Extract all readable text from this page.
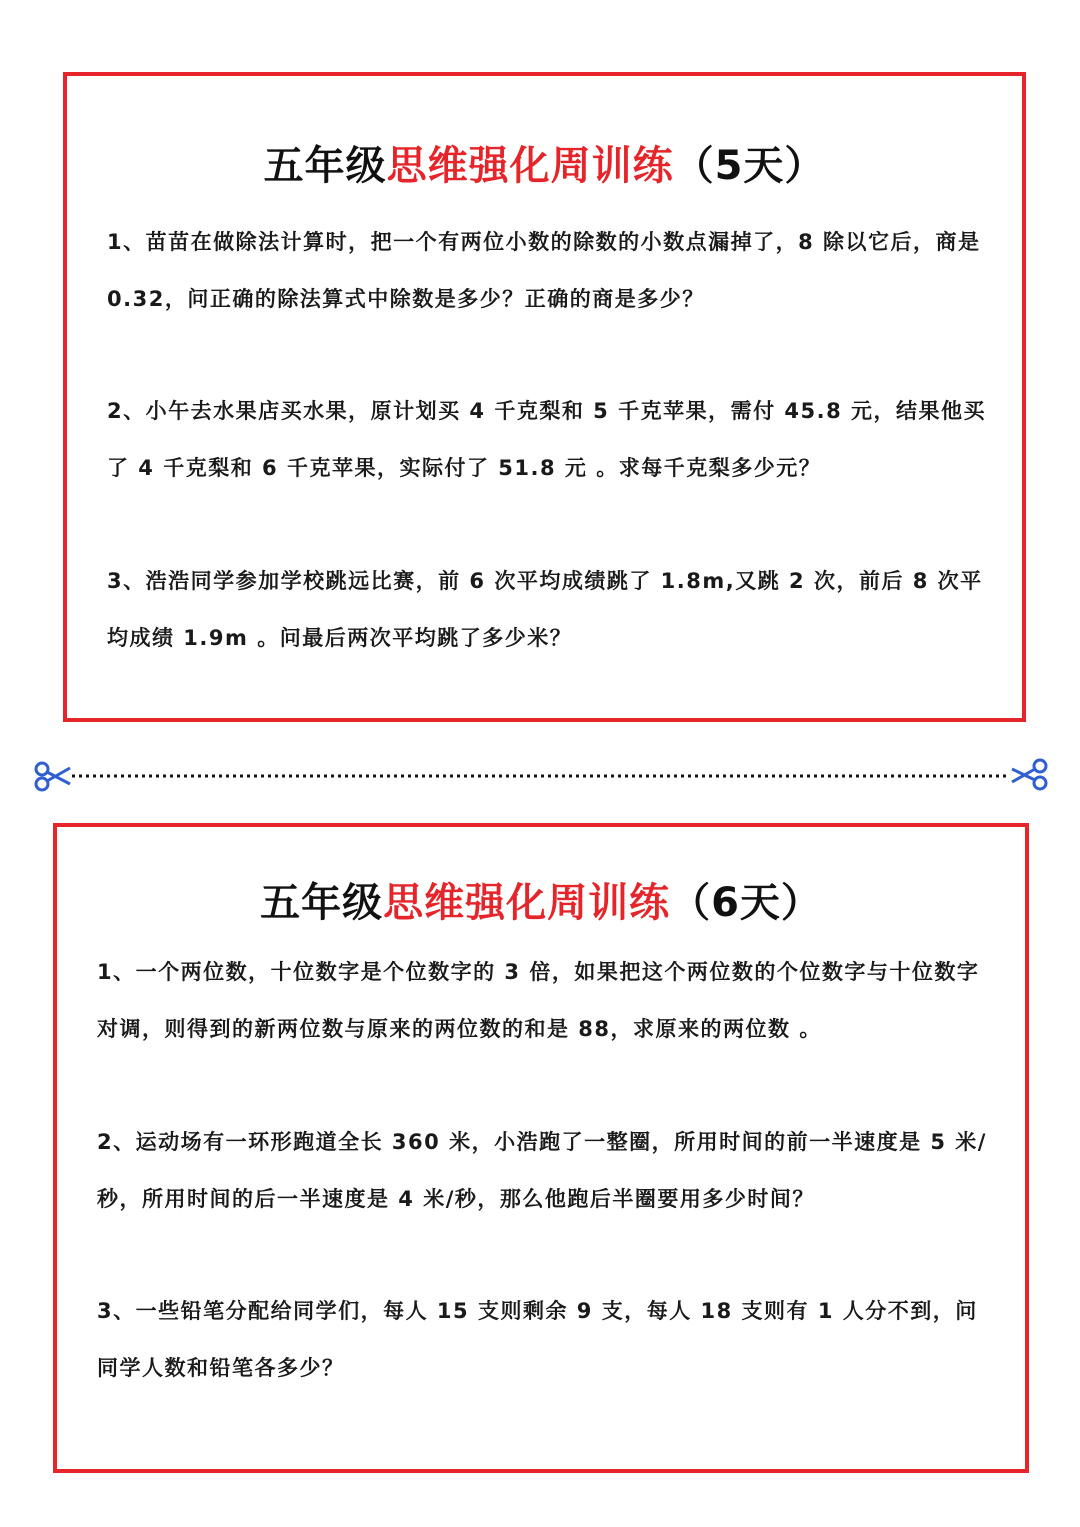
五年级思维强化周训练（5天）
1、苗苗在做除法计算时，把一个有两位小数的除数的小数点漏掉了，8 除以它后，商是 0.32，问正确的除法算式中除数是多少？正确的商是多少？
2、小午去水果店买水果，原计划买 4 千克梨和 5 千克苹果，需付 45.8 元，结果他买了 4 千克梨和 6 千克苹果，实际付了 51.8 元 。求每千克梨多少元？
3、浩浩同学参加学校跳远比赛，前 6 次平均成绩跳了 1.8m,又跳 2 次，前后 8 次平均成绩 1.9m 。问最后两次平均跳了多少米？
五年级思维强化周训练（6天）
1、一个两位数，十位数字是个位数字的 3 倍，如果把这个两位数的个位数字与十位数字对调，则得到的新两位数与原来的两位数的和是 88，求原来的两位数 。
2、运动场有一环形跑道全长 360 米，小浩跑了一整圈，所用时间的前一半速度是 5 米/秒，所用时间的后一半速度是 4 米/秒，那么他跑后半圈要用多少时间？
3、一些铅笔分配给同学们，每人 15 支则剩余 9 支，每人 18 支则有 1 人分不到，问同学人数和铅笔各多少？
